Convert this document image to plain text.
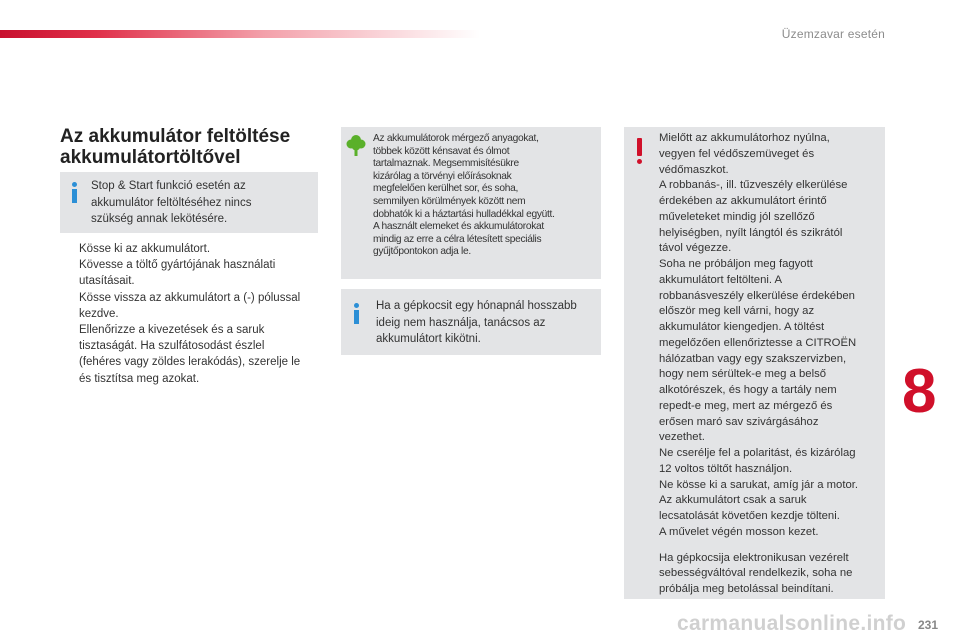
Üzemzavar esetén
Az akkumulátor feltöltése
akkumulátortöltővel
Stop & Start funkció esetén az
akkumulátor feltöltéséhez nincs
szükség annak lekötésére.
Kösse ki az akkumulátort.
Kövesse a töltő gyártójának használati
utasításait.
Kösse vissza az akkumulátort a (-) pólussal
kezdve.
Ellenőrizze a kivezetések és a saruk
tisztaságát. Ha szulfátosodást észlel
(fehéres vagy zöldes lerakódás), szerelje le
és tisztítsa meg azokat.
Az akkumulátorok mérgező anyagokat,
többek között kénsavat és ólmot
tartalmaznak. Megsemmisítésükre
kizárólag a törvényi előírásoknak
megfelelően kerülhet sor, és soha,
semmilyen körülmények között nem
dobhatók ki a háztartási hulladékkal együtt.
A használt elemeket és akkumulátorokat
mindig az erre a célra létesített speciális
gyűjtőpontokon adja le.
Ha a gépkocsit egy hónapnál hosszabb
ideig nem használja, tanácsos az
akkumulátort kikötni.
Mielőtt az akkumulátorhoz nyúlna,
vegyen fel védőszemüveget és
védőmaszkot.
A robbanás-, ill. tűzveszély elkerülése
érdekében az akkumulátort érintő
műveleteket mindig jól szellőző
helyiségben, nyílt lángtól és szikrától
távol végezze.
Soha ne próbáljon meg fagyott
akkumulátort feltölteni. A
robbanásveszély elkerülése érdekében
először meg kell várni, hogy az
akkumulátor kiengedjen. A töltést
megelőzően ellenőriztesse a CITROËN
hálózatban vagy egy szakszervizben,
hogy nem sérültek-e meg a belső
alkotórészek, és hogy a tartály nem
repedt-e meg, mert az mérgező és
erősen maró sav szivárgásához
vezethet.
Ne cserélje fel a polaritást, és kizárólag
12 voltos töltőt használjon.
Ne kösse ki a sarukat, amíg jár a motor.
Az akkumulátort csak a saruk
lecsatolását követően kezdje tölteni.
A művelet végén mosson kezet.
Ha gépkocsija elektronikusan vezérelt
sebességváltóval rendelkezik, soha ne
próbálja meg betolással beindítani.
8
carmanualsonline.info 231
